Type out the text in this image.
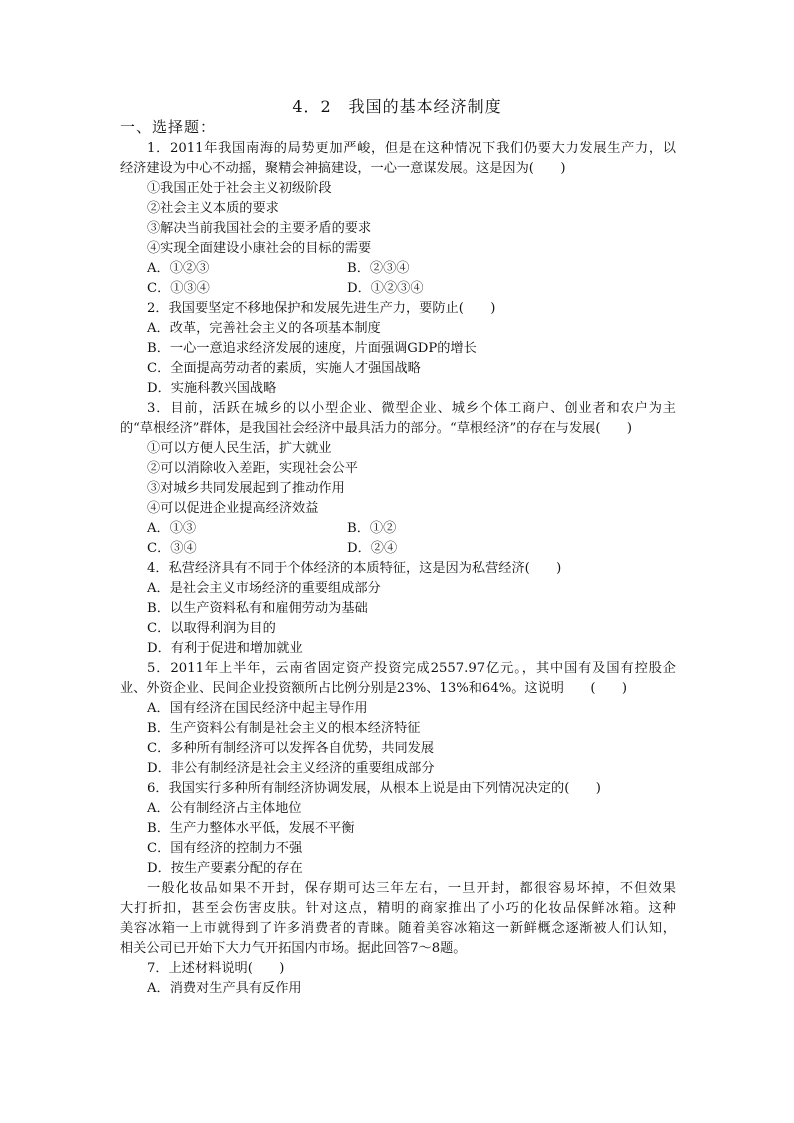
4．2　我国的基本经济制度
一、选择题：
1．2011年我国南海的局势更加严峻，但是在这种情况下我们仍要大力发展生产力，以
经济建设为中心不动摇，聚精会神搞建设，一心一意谋发展。这是因为(　　)
①我国正处于社会主义初级阶段
②社会主义本质的要求
③解决当前我国社会的主要矛盾的要求
④实现全面建设小康社会的目标的需要
A．①②③	B．②③④
C．①③④	D．①②③④
2．我国要坚定不移地保护和发展先进生产力，要防止(　　)
A．改革，完善社会主义的各项基本制度
B．一心一意追求经济发展的速度，片面强调GDP的增长
C．全面提高劳动者的素质，实施人才强国战略
D．实施科教兴国战略
3．目前，活跃在城乡的以小型企业、微型企业、城乡个体工商户、创业者和农户为主
的“草根经济”群体，是我国社会经济中最具活力的部分。“草根经济”的存在与发展(　　)
①可以方便人民生活，扩大就业
②可以消除收入差距，实现社会公平
③对城乡共同发展起到了推动作用
④可以促进企业提高经济效益
A．①③	B．①②
C．③④	D．②④
4．私营经济具有不同于个体经济的本质特征，这是因为私营经济(　　)
A．是社会主义市场经济的重要组成部分
B．以生产资料私有和雇佣劳动为基础
C．以取得利润为目的
D．有利于促进和增加就业
5．2011年上半年，云南省固定资产投资完成2557.97亿元。，其中国有及国有控股企
业、外资企业、民间企业投资额所占比例分别是23%、13%和64%。这说明　　(　　)
A．国有经济在国民经济中起主导作用
B．生产资料公有制是社会主义的根本经济特征
C．多种所有制经济可以发挥各自优势，共同发展
D．非公有制经济是社会主义经济的重要组成部分
6．我国实行多种所有制经济协调发展，从根本上说是由下列情况决定的(　　)
A．公有制经济占主体地位
B．生产力整体水平低，发展不平衡
C．国有经济的控制力不强
D．按生产要素分配的存在
一般化妆品如果不开封，保存期可达三年左右，一旦开封，都很容易坏掉，不但效果
大打折扣，甚至会伤害皮肤。针对这点，精明的商家推出了小巧的化妆品保鲜冰箱。这种
美容冰箱一上市就得到了许多消费者的青睐。随着美容冰箱这一新鲜概念逐渐被人们认知，
相关公司已开始下大力气开拓国内市场。据此回答7～8题。
7．上述材料说明(　　)
A．消费对生产具有反作用
